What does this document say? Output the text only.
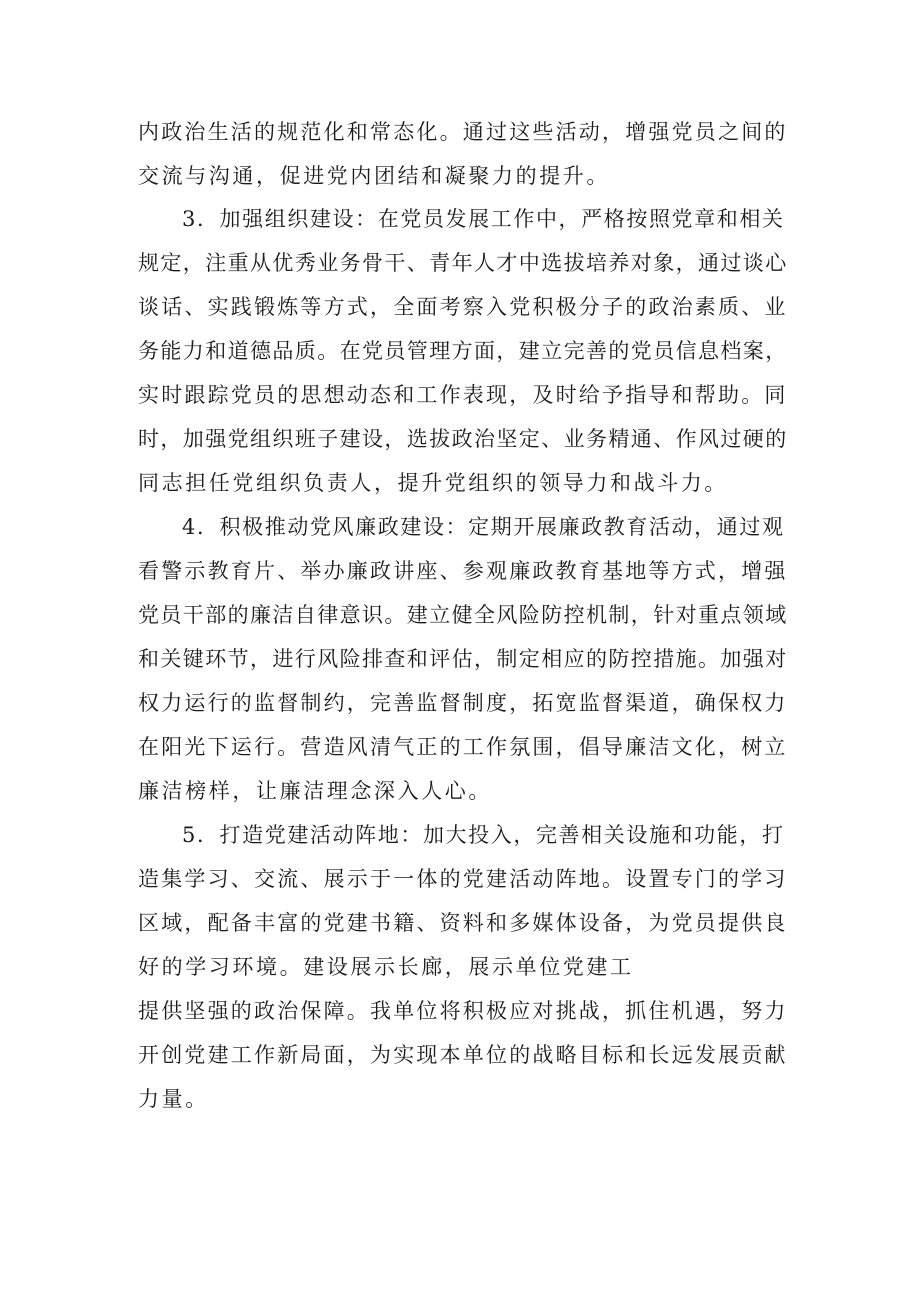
内政治生活的规范化和常态化。通过这些活动，增强党员之间的
交流与沟通，促进党内团结和凝聚力的提升。
3．加强组织建设：在党员发展工作中，严格按照党章和相关
规定，注重从优秀业务骨干、青年人才中选拔培养对象，通过谈心
谈话、实践锻炼等方式，全面考察入党积极分子的政治素质、业
务能力和道德品质。在党员管理方面，建立完善的党员信息档案，
实时跟踪党员的思想动态和工作表现，及时给予指导和帮助。同
时，加强党组织班子建设，选拔政治坚定、业务精通、作风过硬的
同志担任党组织负责人，提升党组织的领导力和战斗力。
4．积极推动党风廉政建设：定期开展廉政教育活动，通过观
看警示教育片、举办廉政讲座、参观廉政教育基地等方式，增强
党员干部的廉洁自律意识。建立健全风险防控机制，针对重点领域
和关键环节，进行风险排查和评估，制定相应的防控措施。加强对
权力运行的监督制约，完善监督制度，拓宽监督渠道，确保权力
在阳光下运行。营造风清气正的工作氛围，倡导廉洁文化，树立
廉洁榜样，让廉洁理念深入人心。
5．打造党建活动阵地：加大投入，完善相关设施和功能，打
造集学习、交流、展示于一体的党建活动阵地。设置专门的学习
区域，配备丰富的党建书籍、资料和多媒体设备，为党员提供良
好的学习环境。建设展示长廊，展示单位党建工
提供坚强的政治保障。我单位将积极应对挑战，抓住机遇，努力
开创党建工作新局面，为实现本单位的战略目标和长远发展贡献
力量。
